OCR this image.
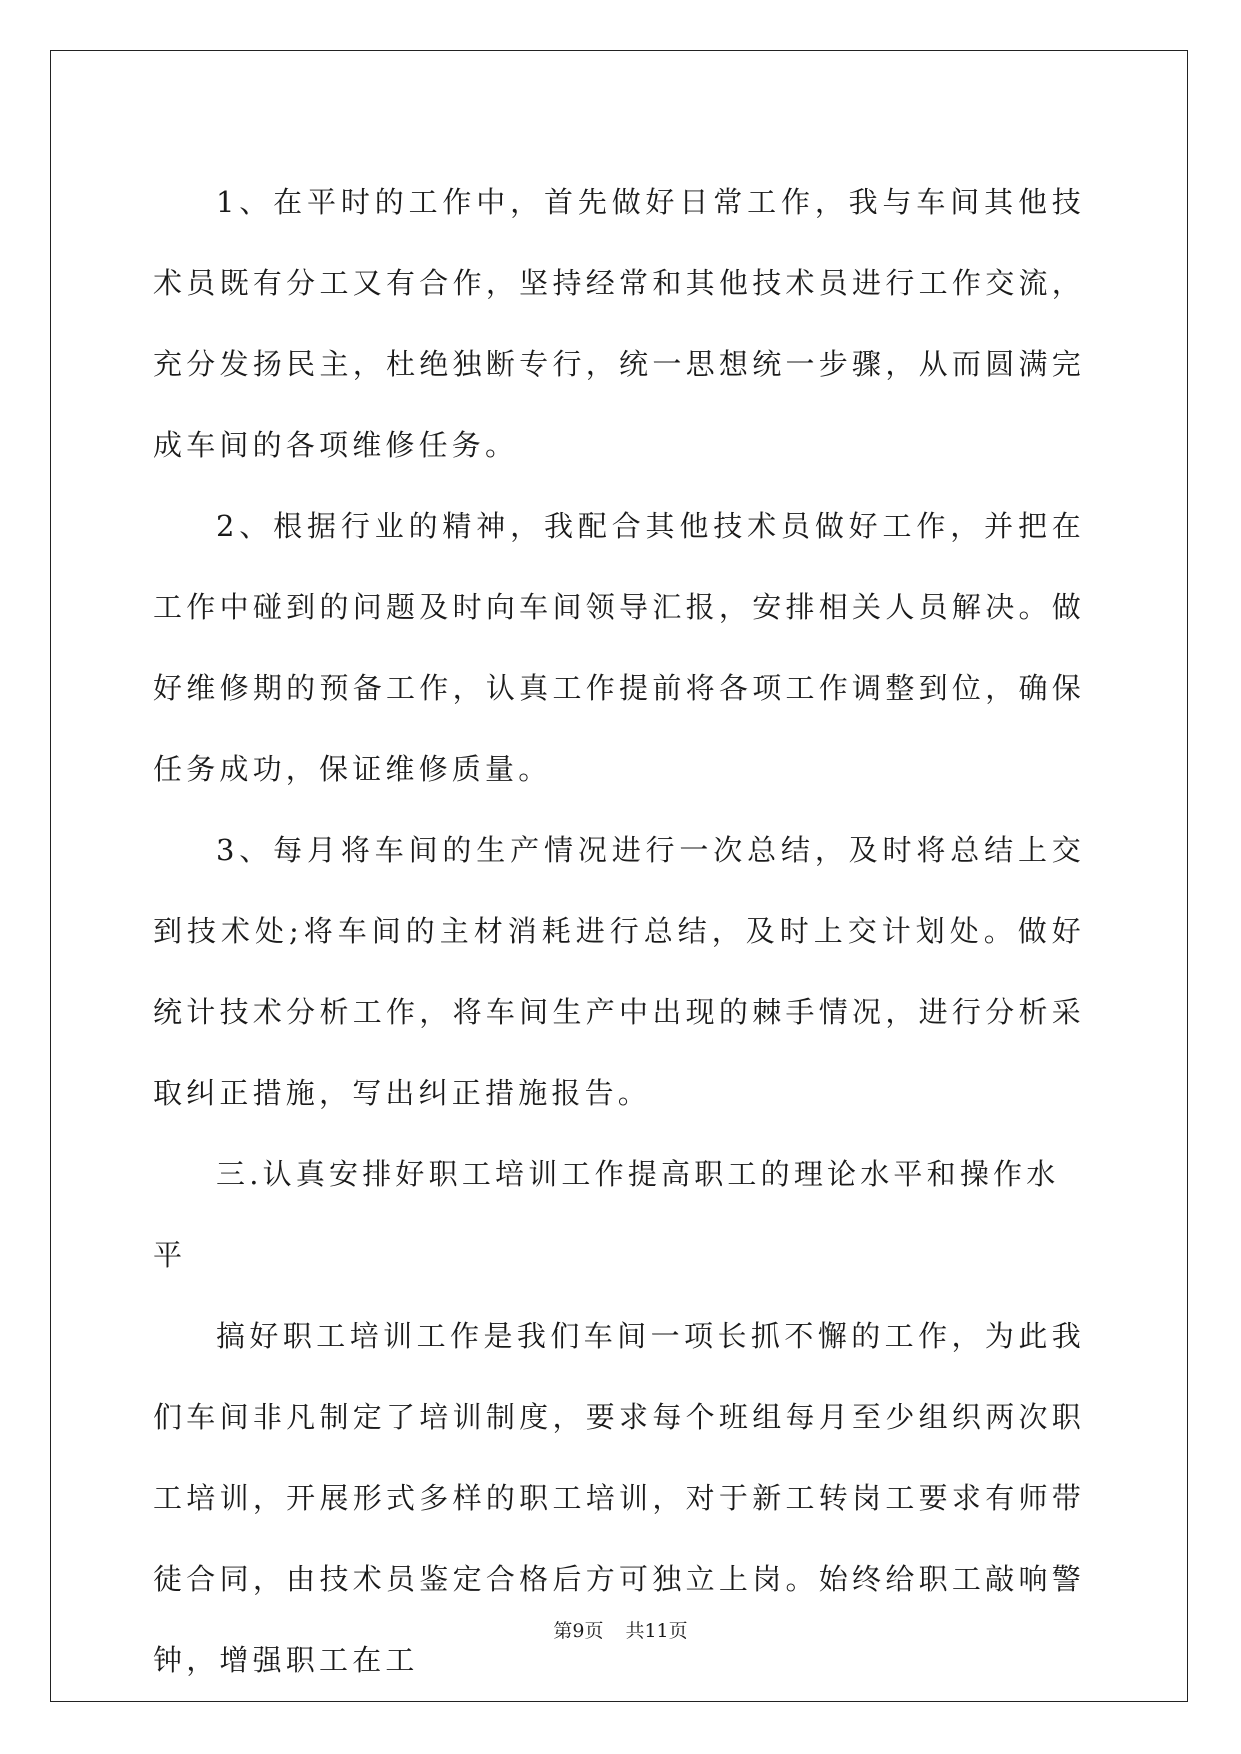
1、在平时的工作中，首先做好日常工作，我与车间其他技术员既有分工又有合作，坚持经常和其他技术员进行工作交流，充分发扬民主，杜绝独断专行，统一思想统一步骤，从而圆满完成车间的各项维修任务。

2、根据行业的精神，我配合其他技术员做好工作，并把在工作中碰到的问题及时向车间领导汇报，安排相关人员解决。做好维修期的预备工作，认真工作提前将各项工作调整到位，确保任务成功，保证维修质量。

3、每月将车间的生产情况进行一次总结，及时将总结上交到技术处;将车间的主材消耗进行总结，及时上交计划处。做好统计技术分析工作，将车间生产中出现的棘手情况，进行分析采取纠正措施，写出纠正措施报告。

三.认真安排好职工培训工作提高职工的理论水平和操作水平

搞好职工培训工作是我们车间一项长抓不懈的工作，为此我们车间非凡制定了培训制度，要求每个班组每月至少组织两次职工培训，开展形式多样的职工培训，对于新工转岗工要求有师带徒合同，由技术员鉴定合格后方可独立上岗。始终给职工敲响警钟，增强职工在工

第9页 共11页
